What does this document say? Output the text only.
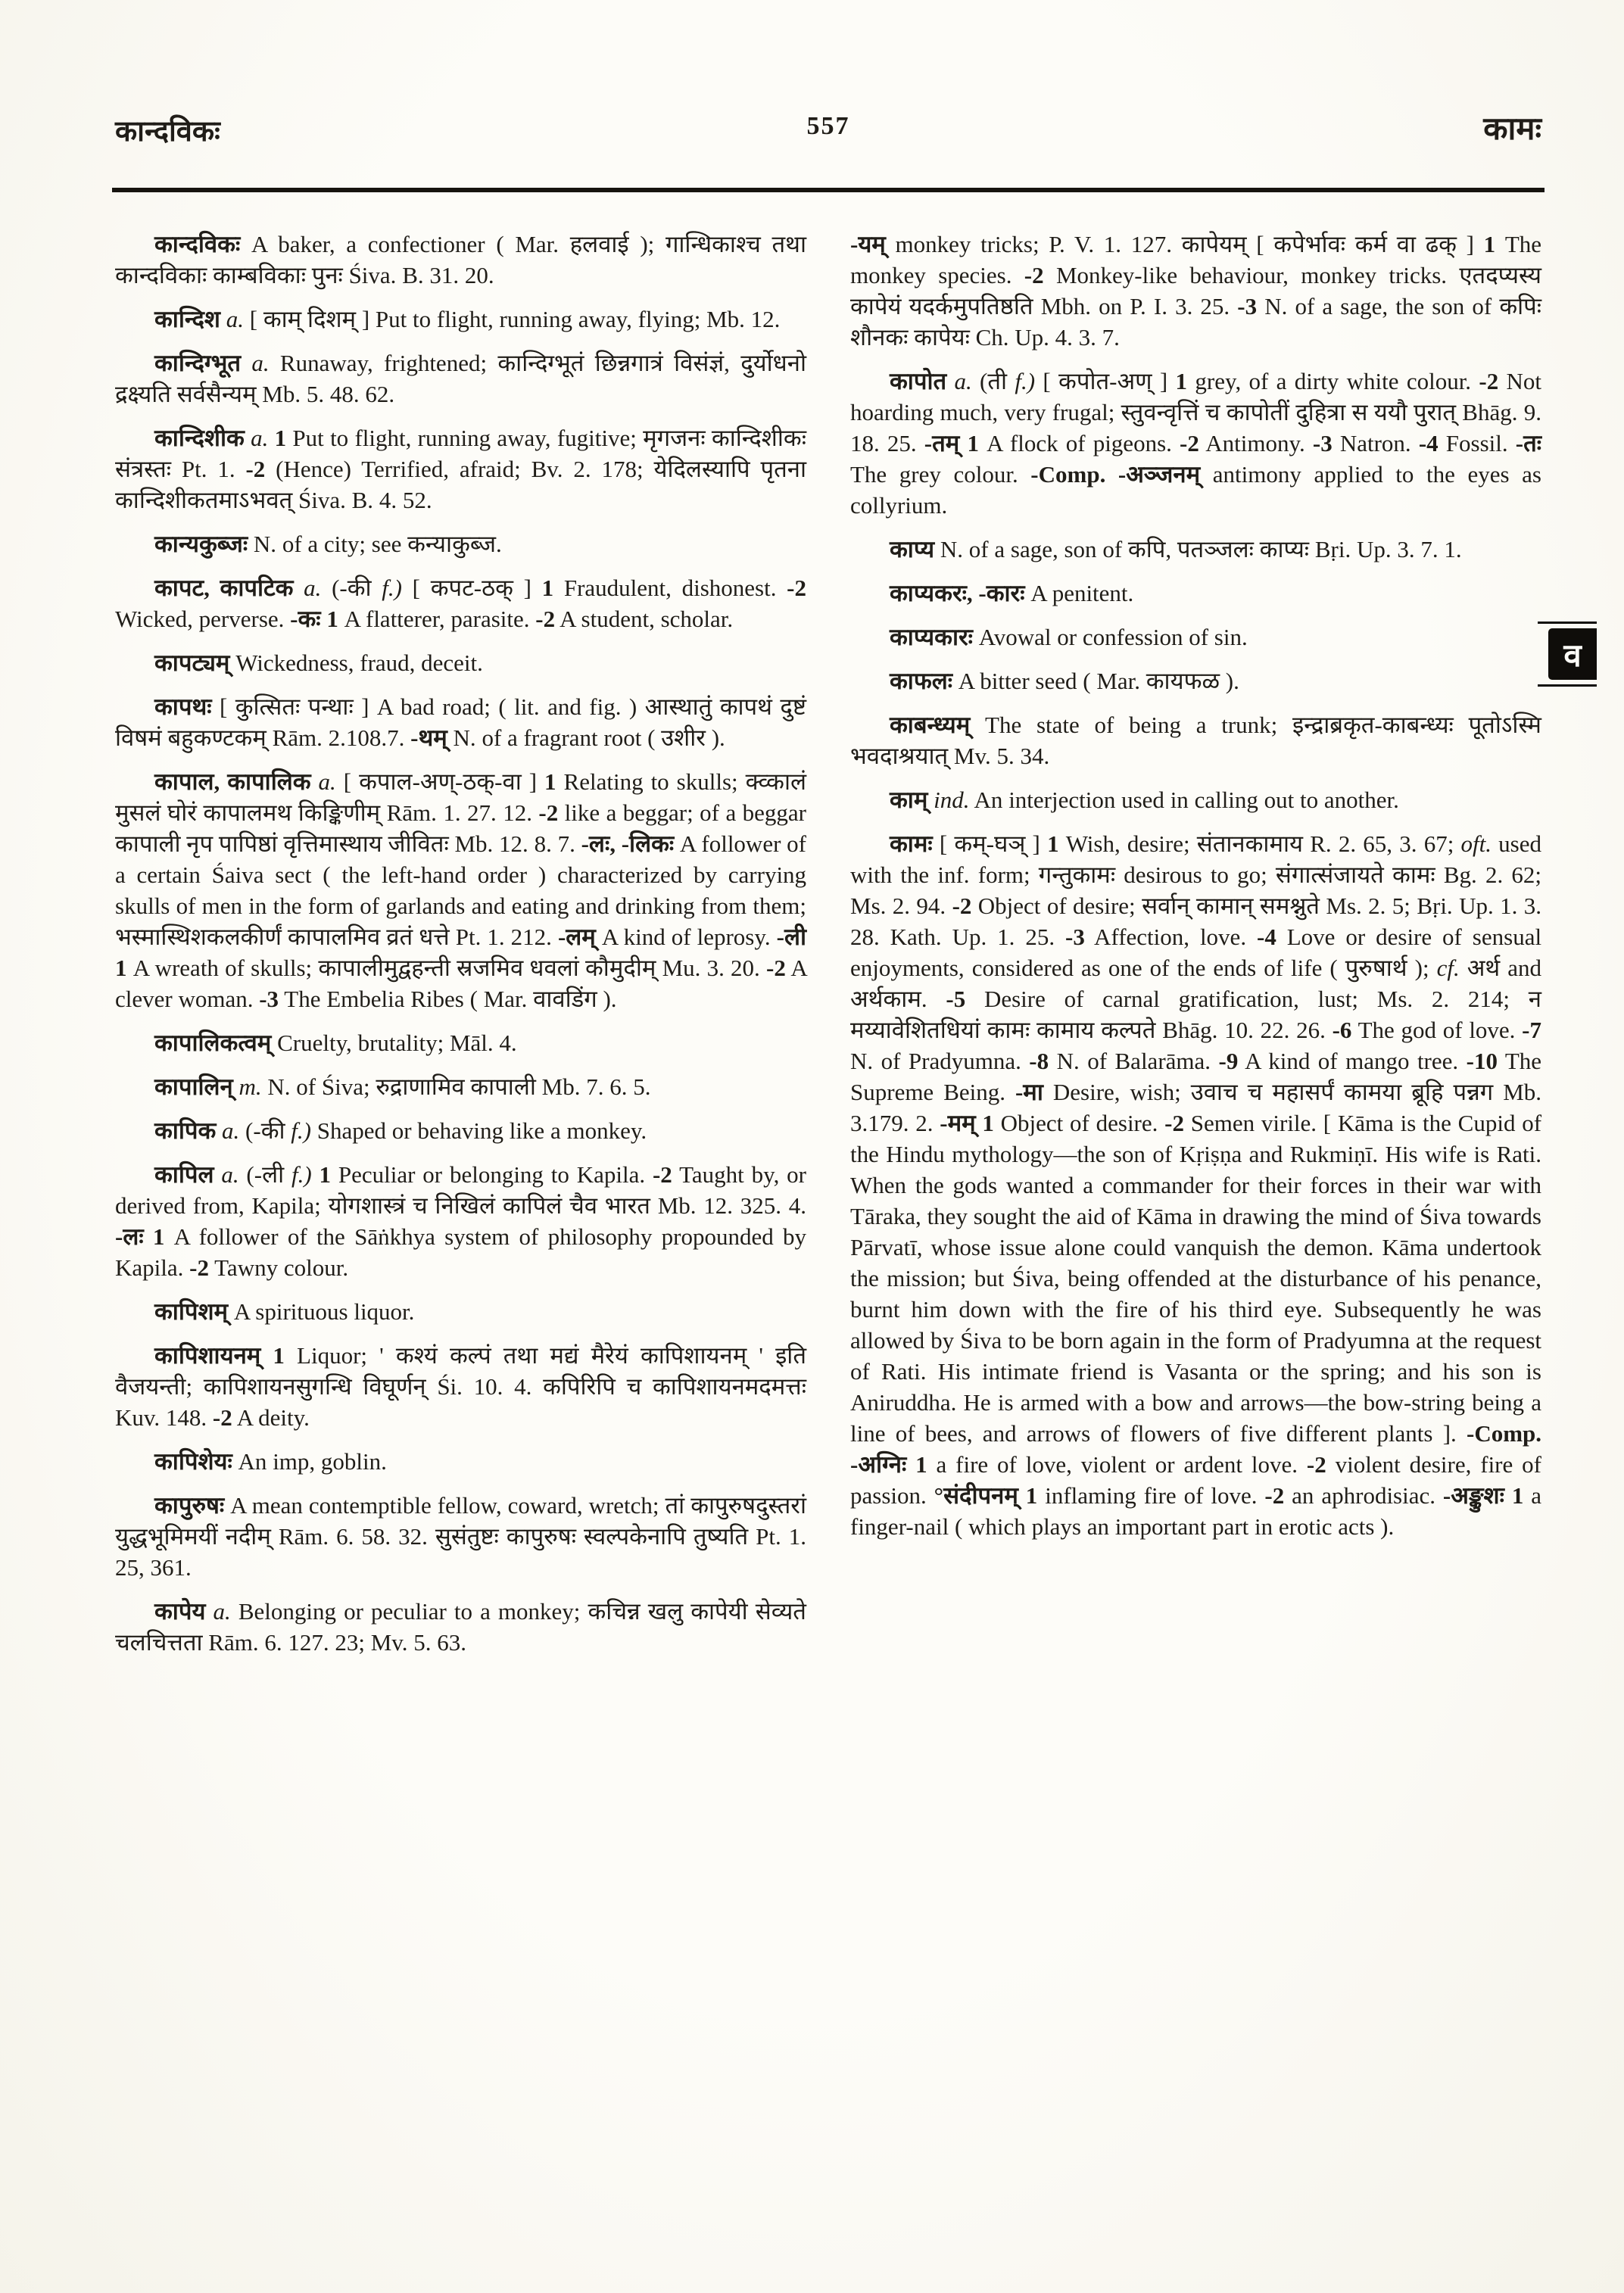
कान्दविकः	557	कामः

कान्दविकः A baker, a confectioner ( Mar. हलवाई ); गान्धिकाश्च तथा कान्दविकाः काम्बविकाः पुनः Śiva. B. 31. 20.

कान्दिश a. [ काम् दिशम् ] Put to flight, running away, flying; Mb. 12.

कान्दिग्भूत a. Runaway, frightened; कान्दिग्भूतं छिन्नगात्रं विसंज्ञं, दुर्योधनो द्रक्ष्यति सर्वसैन्यम् Mb. 5. 48. 62.

कान्दिशीक a. 1 Put to flight, running away, fugitive; मृगजनः कान्दिशीकः संत्रस्तः Pt. 1. -2 (Hence) Terrified, afraid; Bv. 2. 178; येदिलस्यापि पृतना कान्दिशीकतमाऽभवत् Śiva. B. 4. 52.

कान्यकुब्जः N. of a city; see कन्याकुब्ज.

कापट, कापटिक a. (-की f.) [ कपट-ठक् ] 1 Fraudulent, dishonest. -2 Wicked, perverse. -कः 1 A flatterer, parasite. -2 A student, scholar.

कापट्यम् Wickedness, fraud, deceit.

कापथः [ कुत्सितः पन्थाः ] A bad road; ( lit. and fig. ) आस्थातुं कापथं दुष्टं विषमं बहुकण्टकम् Rām. 2.108.7. -थम् N. of a fragrant root ( उशीर ).

कापाल, कापालिक a. [ कपाल-अण्-ठक्-वा ] 1 Relating to skulls; क्व्कालं मुसलं घोरं कापालमथ किङ्किणीम् Rām. 1. 27. 12. -2 like a beggar; of a beggar कापाली नृप पापिष्ठां वृत्तिमास्थाय जीवितः Mb. 12. 8. 7. -लः, -लिकः A follower of a certain Śaiva sect ( the left-hand order ) characterized by carrying skulls of men in the form of garlands and eating and drinking from them; भस्मास्थिशकलकीर्णं कापालमिव व्रतं धत्ते Pt. 1. 212. -लम् A kind of leprosy. -ली 1 A wreath of skulls; कापालीमुद्वहन्ती स्रजमिव धवलां कौमुदीम् Mu. 3. 20. -2 A clever woman. -3 The Embelia Ribes ( Mar. वावडिंग ).

कापालिकत्वम् Cruelty, brutality; Māl. 4.

कापालिन् m. N. of Śiva; रुद्राणामिव कापाली Mb. 7. 6. 5.

कापिक a. (-की f.) Shaped or behaving like a monkey.

कापिल a. (-ली f.) 1 Peculiar or belonging to Kapila. -2 Taught by, or derived from, Kapila; योगशास्त्रं च निखिलं कापिलं चैव भारत Mb. 12. 325. 4. -लः 1 A follower of the Sāṅkhya system of philosophy propounded by Kapila. -2 Tawny colour.

कापिशम् A spirituous liquor.

कापिशायनम् 1 Liquor; ' कश्यं कल्पं तथा मद्यं मैरेयं कापिशायनम् ' इति वैजयन्ती; कापिशायनसुगन्धि विघूर्णन् Śi. 10. 4. कपिरिपि च कापिशायनमदमत्तः Kuv. 148. -2 A deity.

कापिशेयः An imp, goblin.

कापुरुषः A mean contemptible fellow, coward, wretch; तां कापुरुषदुस्तरां युद्धभूमिमयीं नदीम् Rām. 6. 58. 32. सुसंतुष्टः कापुरुषः स्वल्पकेनापि तुष्यति Pt. 1. 25, 361.

कापेय a. Belonging or peculiar to a monkey; कचिन्न खलु कापेयी सेव्यते चलचित्तता Rām. 6. 127. 23; Mv. 5. 63.

-यम् monkey tricks; P. V. 1. 127. कापेयम् [ कपेर्भावः कर्म वा ढक् ] 1 The monkey species. -2 Monkey-like behaviour, monkey tricks. एतदप्यस्य कापेयं यदर्कमुपतिष्ठति Mbh. on P. I. 3. 25. -3 N. of a sage, the son of कपिः शौनकः कापेयः Ch. Up. 4. 3. 7.

कापोत a. (ती f.) [ कपोत-अण् ] 1 grey, of a dirty white colour. -2 Not hoarding much, very frugal; स्तुवन्वृत्तिं च कापोतीं दुहित्रा स ययौ पुरात् Bhāg. 9. 18. 25. -तम् 1 A flock of pigeons. -2 Antimony. -3 Natron. -4 Fossil. -तः The grey colour. -Comp. -अञ्जनम् antimony applied to the eyes as collyrium.

काप्य N. of a sage, son of कपि, पतञ्जलः काप्यः Bṛi. Up. 3. 7. 1.

काप्यकरः, -कारः A penitent.

काप्यकारः Avowal or confession of sin.

काफलः A bitter seed ( Mar. कायफळ ).

काबन्ध्यम् The state of being a trunk; इन्द्राब्रकृत-काबन्ध्यः पूतोऽस्मि भवदाश्रयात् Mv. 5. 34.

काम् ind. An interjection used in calling out to another.

कामः [ कम्-घञ् ] 1 Wish, desire; संतानकामाय R. 2. 65, 3. 67; oft. used with the inf. form; गन्तुकामः desirous to go; संगात्संजायते कामः Bg. 2. 62; Ms. 2. 94. -2 Object of desire; सर्वान् कामान् समश्नुते Ms. 2. 5; Bṛi. Up. 1. 3. 28. Kath. Up. 1. 25. -3 Affection, love. -4 Love or desire of sensual enjoyments, considered as one of the ends of life ( पुरुषार्थ ); cf. अर्थ and अर्थकाम. -5 Desire of carnal gratification, lust; Ms. 2. 214; न मय्यावेशितधियां कामः कामाय कल्पते Bhāg. 10. 22. 26. -6 The god of love. -7 N. of Pradyumna. -8 N. of Balarāma. -9 A kind of mango tree. -10 The Supreme Being. -मा Desire, wish; उवाच च महासर्पं कामया ब्रूहि पन्नग Mb. 3.179. 2. -मम् 1 Object of desire. -2 Semen virile. [ Kāma is the Cupid of the Hindu mythology—the son of Kṛiṣṇa and Rukmiṇī. His wife is Rati. When the gods wanted a commander for their forces in their war with Tāraka, they sought the aid of Kāma in drawing the mind of Śiva towards Pārvatī, whose issue alone could vanquish the demon. Kāma undertook the mission; but Śiva, being offended at the disturbance of his penance, burnt him down with the fire of his third eye. Subsequently he was allowed by Śiva to be born again in the form of Pradyumna at the request of Rati. His intimate friend is Vasanta or the spring; and his son is Aniruddha. He is armed with a bow and arrows—the bow-string being a line of bees, and arrows of flowers of five different plants ]. -Comp. -अग्निः 1 a fire of love, violent or ardent love. -2 violent desire, fire of passion. °संदीपनम् 1 inflaming fire of love. -2 an aphrodisiac. -अङ्कुशः 1 a finger-nail ( which plays an important part in erotic acts ).

व
